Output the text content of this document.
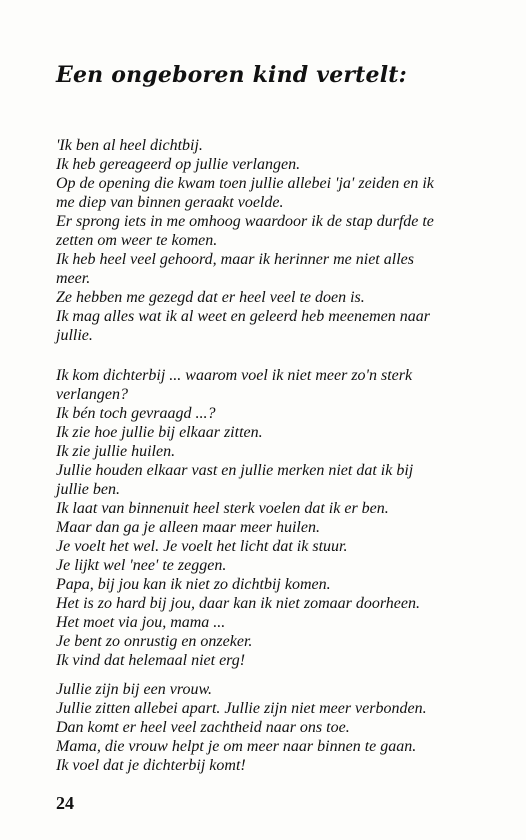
Een ongeboren kind vertelt:
'Ik ben al heel dichtbij.
Ik heb gereageerd op jullie verlangen.
Op de opening die kwam toen jullie allebei 'ja' zeiden en ik
me diep van binnen geraakt voelde.
Er sprong iets in me omhoog waardoor ik de stap durfde te
zetten om weer te komen.
Ik heb heel veel gehoord, maar ik herinner me niet alles
meer.
Ze hebben me gezegd dat er heel veel te doen is.
Ik mag alles wat ik al weet en geleerd heb meenemen naar
jullie.
Ik kom dichterbij ... waarom voel ik niet meer zo'n sterk
verlangen?
Ik bén toch gevraagd ...?
Ik zie hoe jullie bij elkaar zitten.
Ik zie jullie huilen.
Jullie houden elkaar vast en jullie merken niet dat ik bij
jullie ben.
Ik laat van binnenuit heel sterk voelen dat ik er ben.
Maar dan ga je alleen maar meer huilen.
Je voelt het wel. Je voelt het licht dat ik stuur.
Je lijkt wel 'nee' te zeggen.
Papa, bij jou kan ik niet zo dichtbij komen.
Het is zo hard bij jou, daar kan ik niet zomaar doorheen.
Het moet via jou, mama ...
Je bent zo onrustig en onzeker.
Ik vind dat helemaal niet erg!
Jullie zijn bij een vrouw.
Jullie zitten allebei apart. Jullie zijn niet meer verbonden.
Dan komt er heel veel zachtheid naar ons toe.
Mama, die vrouw helpt je om meer naar binnen te gaan.
Ik voel dat je dichterbij komt!
24
